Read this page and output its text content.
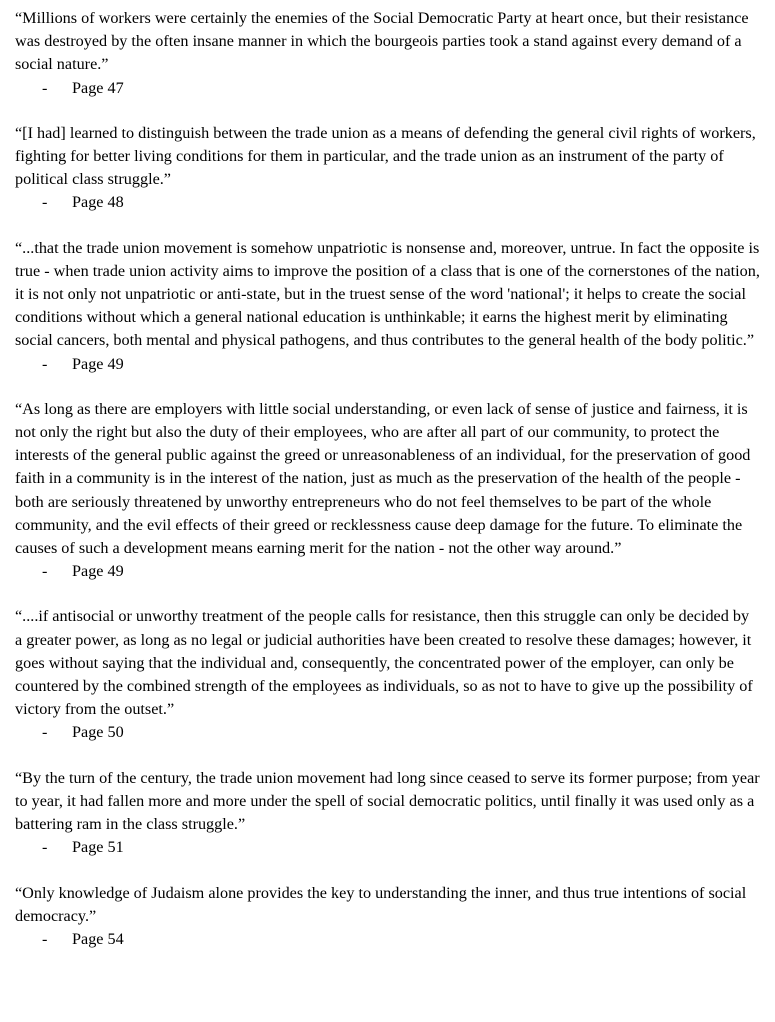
“Millions of workers were certainly the enemies of the Social Democratic Party at heart once, but their resistance was destroyed by the often insane manner in which the bourgeois parties took a stand against every demand of a social nature.”

- Page 47

“[I had] learned to distinguish between the trade union as a means of defending the general civil rights of workers, fighting for better living conditions for them in particular, and the trade union as an instrument of the party of political class struggle.”

- Page 48

“...that the trade union movement is somehow unpatriotic is nonsense and, moreover, untrue. In fact the opposite is true - when trade union activity aims to improve the position of a class that is one of the cornerstones of the nation, it is not only not unpatriotic or anti-state, but in the truest sense of the word 'national'; it helps to create the social conditions without which a general national education is unthinkable; it earns the highest merit by eliminating social cancers, both mental and physical pathogens, and thus contributes to the general health of the body politic.”

- Page 49

“As long as there are employers with little social understanding, or even lack of sense of justice and fairness, it is not only the right but also the duty of their employees, who are after all part of our community, to protect the interests of the general public against the greed or unreasonableness of an individual, for the preservation of good faith in a community is in the interest of the nation, just as much as the preservation of the health of the people - both are seriously threatened by unworthy entrepreneurs who do not feel themselves to be part of the whole community, and the evil effects of their greed or recklessness cause deep damage for the future. To eliminate the causes of such a development means earning merit for the nation - not the other way around.”

- Page 49

“....if antisocial or unworthy treatment of the people calls for resistance, then this struggle can only be decided by a greater power, as long as no legal or judicial authorities have been created to resolve these damages; however, it goes without saying that the individual and, consequently, the concentrated power of the employer, can only be countered by the combined strength of the employees as individuals, so as not to have to give up the possibility of victory from the outset.”

- Page 50

“By the turn of the century, the trade union movement had long since ceased to serve its former purpose; from year to year, it had fallen more and more under the spell of social democratic politics, until finally it was used only as a battering ram in the class struggle.”

- Page 51

“Only knowledge of Judaism alone provides the key to understanding the inner, and thus true intentions of social democracy.”

- Page 54
